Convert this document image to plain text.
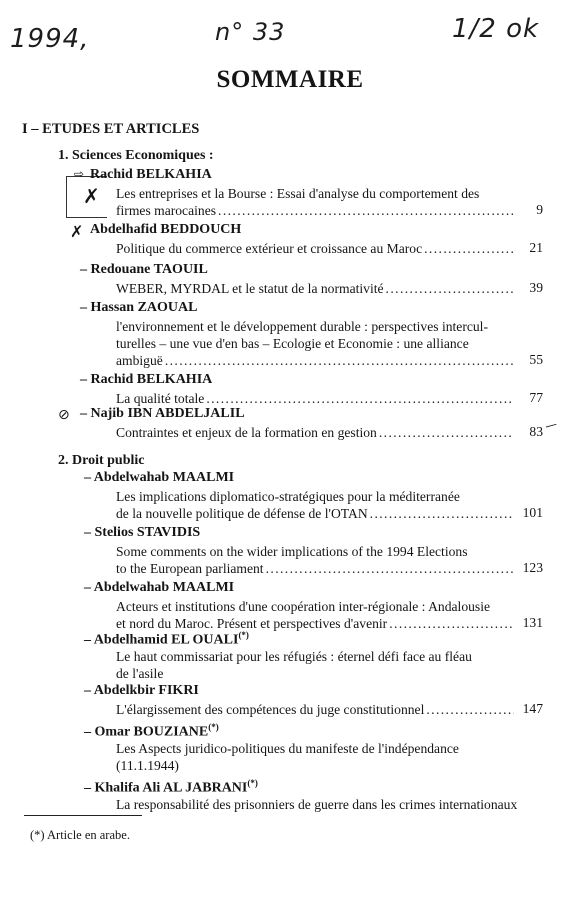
1994,	n° 33	1/2 ok
SOMMAIRE
I – ETUDES ET ARTICLES
1. Sciences Economiques :
2. Droit public
✗
⇨
✗
⊘
—
Rachid BELKAHIA
Les entreprises et la Bourse : Essai d'analyse du comportement des
firmes marocaines . . .	9
Abdelhafid BEDDOUCH
Politique du commerce extérieur et croissance au Maroc . . .	21
– Redouane TAOUIL
WEBER, MYRDAL et le statut de la normativité . . .	39
– Hassan ZAOUAL
l'environnement et le développement durable : perspectives intercul-
turelles – une vue d'en bas – Ecologie et Economie : une alliance
ambiguë . . .	55
– Rachid BELKAHIA
La qualité totale . . .	77
– Najib IBN ABDELJALIL
Contraintes et enjeux de la formation en gestion . . .	83
– Abdelwahab MAALMI
Les implications diplomatico-stratégiques pour la méditerranée
de la nouvelle politique de défense de l'OTAN . . .	101
– Stelios STAVIDIS
Some comments on the wider implications of the 1994 Elections
to the European parliament . . .	123
– Abdelwahab MAALMI
Acteurs et institutions d'une coopération inter-régionale : Andalousie
et nord du Maroc. Présent et perspectives d'avenir . . .	131
– Abdelhamid EL OUALI(*)
Le haut commissariat pour les réfugiés : éternel défi face au fléau
de l'asile
– Abdelkbir FIKRI
L'élargissement des compétences du juge constitutionnel . . .	147
– Omar BOUZIANE(*)
Les Aspects juridico-politiques du manifeste de l'indépendance
(11.1.1944)
– Khalifa Ali AL JABRANI(*)
La responsabilité des prisonniers de guerre dans les crimes internationaux
(*) Article en arabe.
